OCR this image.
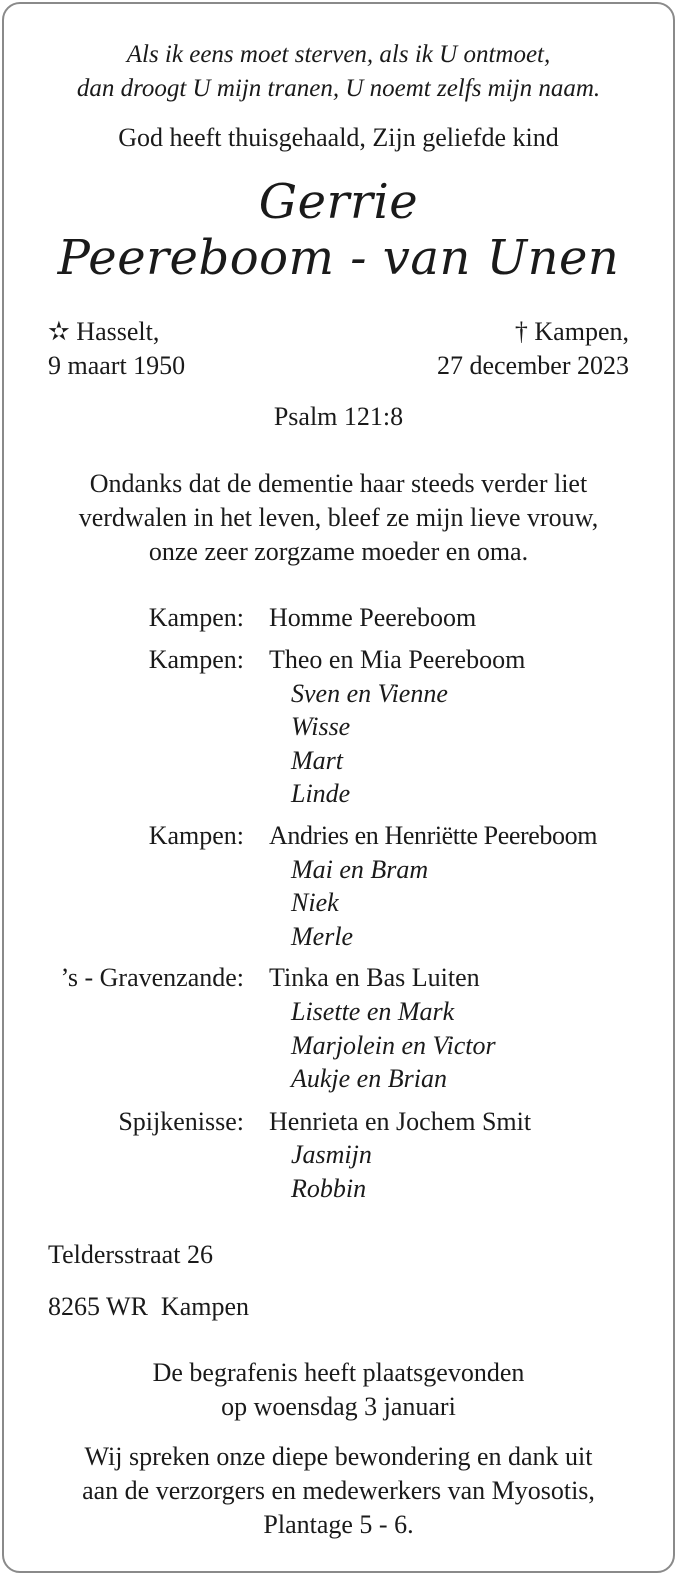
Als ik eens moet sterven, als ik U ontmoet,
dan droogt U mijn tranen, U noemt zelfs mijn naam.
God heeft thuisgehaald, Zijn geliefde kind
Gerrie
Peereboom - van Unen
✫ Hasselt,
9 maart 1950
† Kampen,
27 december 2023
Psalm 121:8
Ondanks dat de dementie haar steeds verder liet
verdwalen in het leven, bleef ze mijn lieve vrouw,
onze zeer zorgzame moeder en oma.
Kampen: Homme Peereboom
Kampen: Theo en Mia Peereboom
Sven en Vienne
Wisse
Mart
Linde
Kampen: Andries en Henriëtte Peereboom
Mai en Bram
Niek
Merle
’s - Gravenzande: Tinka en Bas Luiten
Lisette en Mark
Marjolein en Victor
Aukje en Brian
Spijkenisse: Henrieta en Jochem Smit
Jasmijn
Robbin
Teldersstraat 26
8265 WR  Kampen
De begrafenis heeft plaatsgevonden
op woensdag 3 januari
Wij spreken onze diepe bewondering en dank uit
aan de verzorgers en medewerkers van Myosotis,
Plantage 5 - 6.
